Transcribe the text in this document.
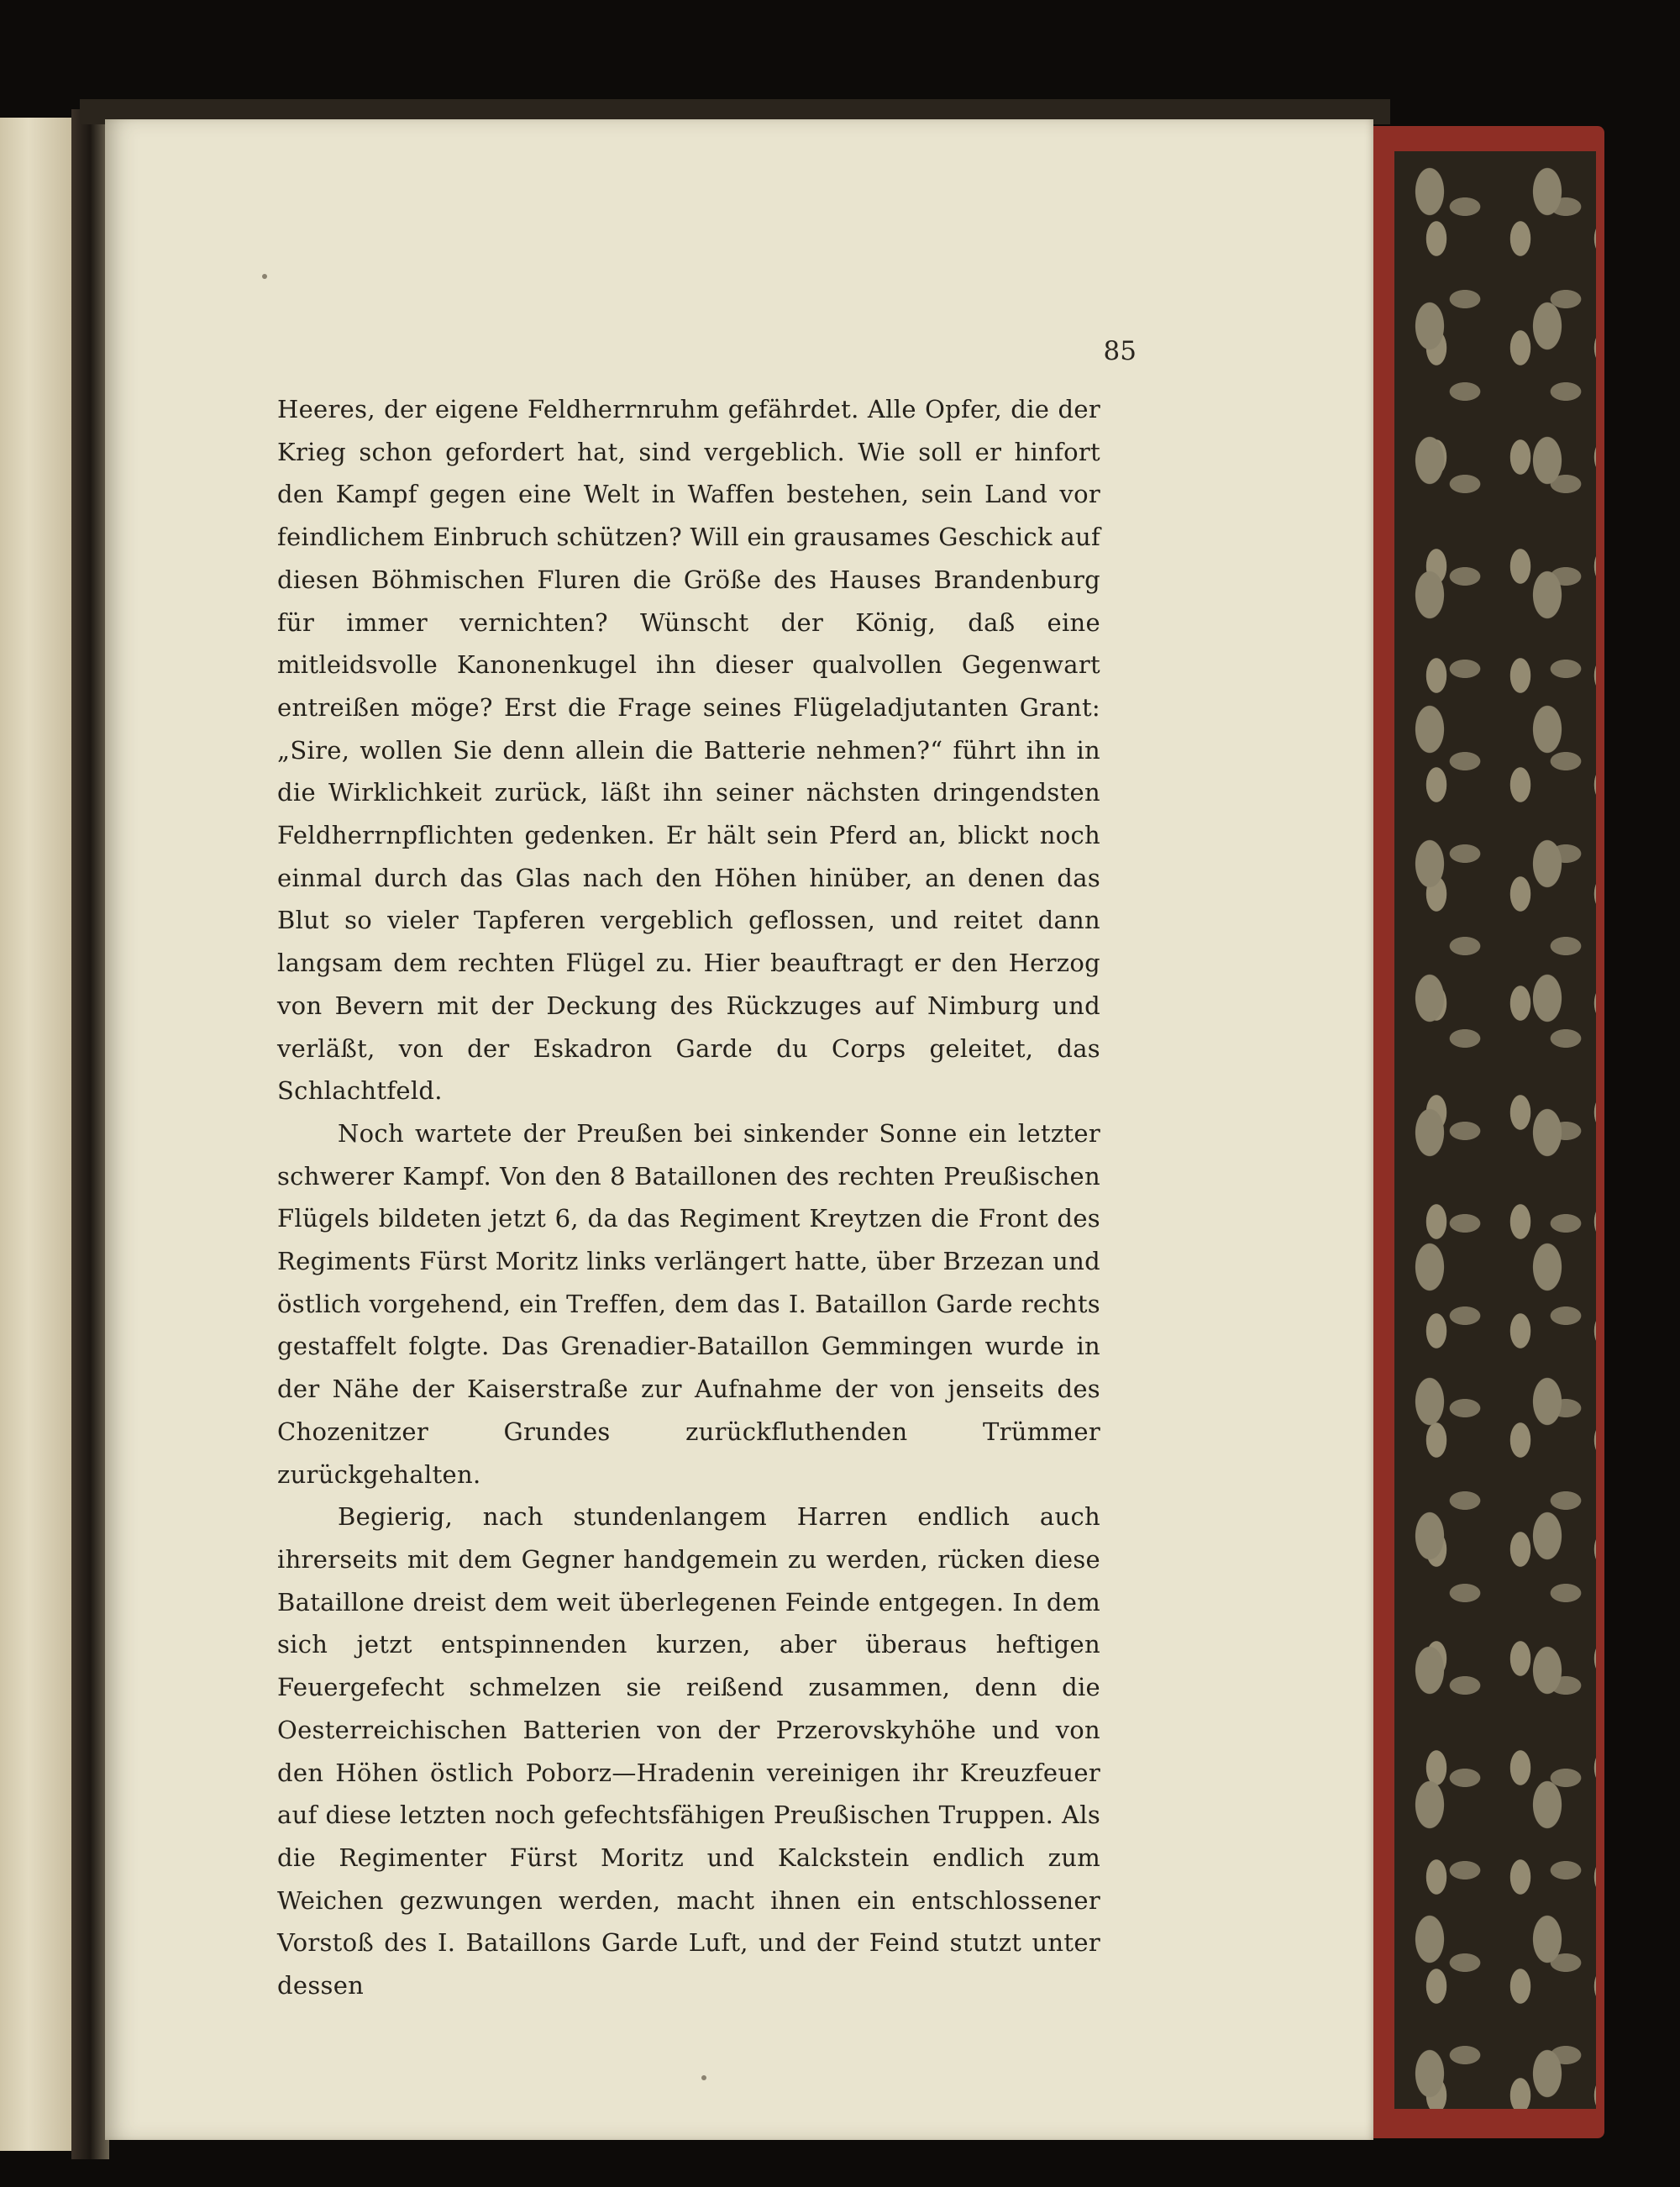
85

Heeres, der eigene Feldherrnruhm gefährdet. Alle Opfer, die der Krieg schon gefordert hat, sind vergeblich. Wie soll er hinfort den Kampf gegen eine Welt in Waffen bestehen, sein Land vor feindlichem Einbruch schützen? Will ein grausames Geschick auf diesen Böhmischen Fluren die Größe des Hauses Brandenburg für immer vernichten? Wünscht der König, daß eine mitleidsvolle Kanonenkugel ihn dieser qualvollen Gegenwart entreißen möge? Erst die Frage seines Flügeladjutanten Grant: „Sire, wollen Sie denn allein die Batterie nehmen?“ führt ihn in die Wirklichkeit zurück, läßt ihn seiner nächsten dringendsten Feldherrnpflichten gedenken. Er hält sein Pferd an, blickt noch einmal durch das Glas nach den Höhen hinüber, an denen das Blut so vieler Tapferen vergeblich geflossen, und reitet dann langsam dem rechten Flügel zu. Hier beauftragt er den Herzog von Bevern mit der Deckung des Rückzuges auf Nimburg und verläßt, von der Eskadron Garde du Corps geleitet, das Schlachtfeld.

Noch wartete der Preußen bei sinkender Sonne ein letzter schwerer Kampf. Von den 8 Bataillonen des rechten Preußischen Flügels bildeten jetzt 6, da das Regiment Kreytzen die Front des Regiments Fürst Moritz links verlängert hatte, über Brzezan und östlich vorgehend, ein Treffen, dem das I. Bataillon Garde rechts gestaffelt folgte. Das Grenadier-Bataillon Gemmingen wurde in der Nähe der Kaiserstraße zur Aufnahme der von jenseits des Chozenitzer Grundes zurückfluthenden Trümmer zurückgehalten.

Begierig, nach stundenlangem Harren endlich auch ihrerseits mit dem Gegner handgemein zu werden, rücken diese Bataillone dreist dem weit überlegenen Feinde entgegen. In dem sich jetzt entspinnenden kurzen, aber überaus heftigen Feuergefecht schmelzen sie reißend zusammen, denn die Oesterreichischen Batterien von der Przerovskyhöhe und von den Höhen östlich Poborz—Hradenin vereinigen ihr Kreuzfeuer auf diese letzten noch gefechtsfähigen Preußischen Truppen. Als die Regimenter Fürst Moritz und Kalckstein endlich zum Weichen gezwungen werden, macht ihnen ein entschlossener Vorstoß des I. Bataillons Garde Luft, und der Feind stutzt unter dessen
